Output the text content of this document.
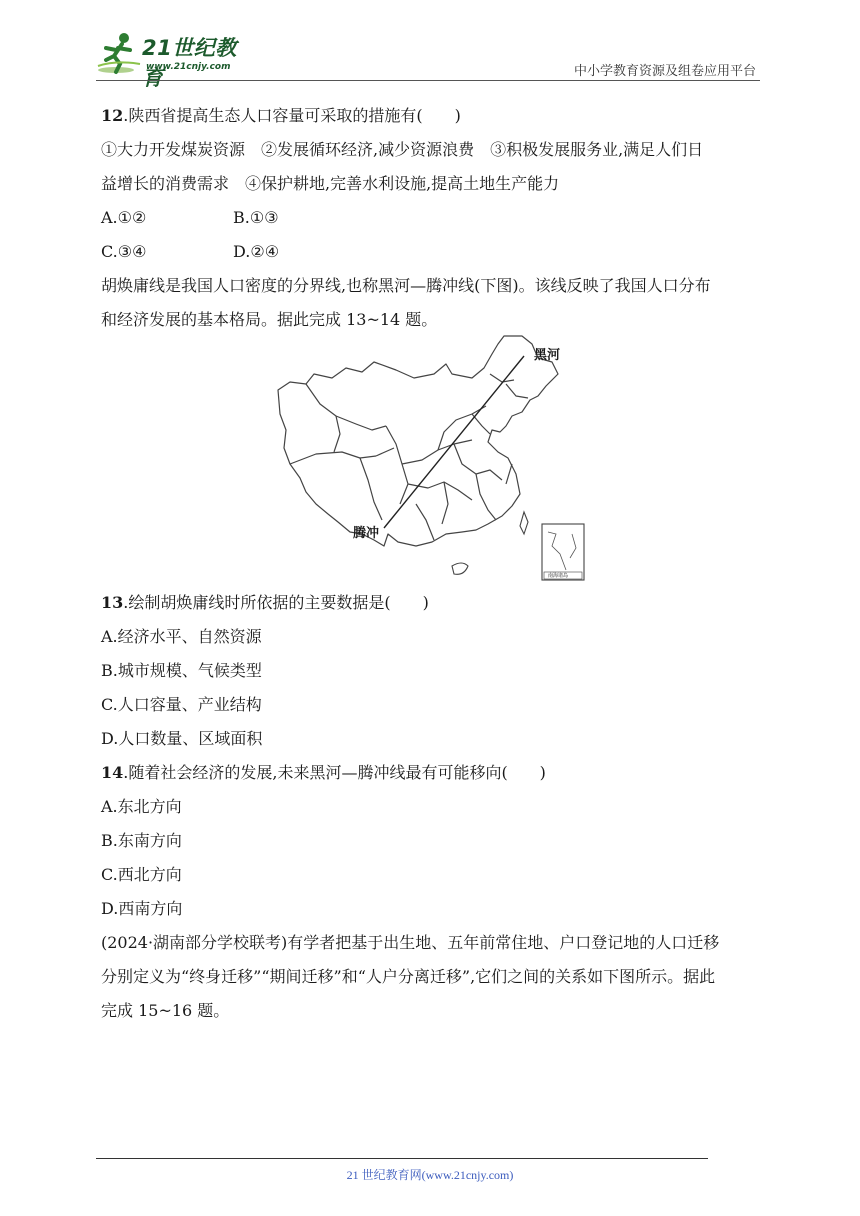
21世纪教育
www.21cnjy.com	中小学教育资源及组卷应用平台
12.陕西省提高生态人口容量可采取的措施有(　　)
①大力开发煤炭资源　②发展循环经济,减少资源浪费　③积极发展服务业,满足人们日
益增长的消费需求　④保护耕地,完善水利设施,提高土地生产能力
A.①②	B.①③
C.③④	D.②④
胡焕庸线是我国人口密度的分界线,也称黑河—腾冲线(下图)。该线反映了我国人口分布
和经济发展的基本格局。据此完成 13~14 题。
黑河
腾冲
南海诸岛
13.绘制胡焕庸线时所依据的主要数据是(　　)
A.经济水平、自然资源
B.城市规模、气候类型
C.人口容量、产业结构
D.人口数量、区域面积
14.随着社会经济的发展,未来黑河—腾冲线最有可能移向(　　)
A.东北方向
B.东南方向
C.西北方向
D.西南方向
(2024·湖南部分学校联考)有学者把基于出生地、五年前常住地、户口登记地的人口迁移
分别定义为“终身迁移”“期间迁移”和“人户分离迁移”,它们之间的关系如下图所示。据此
完成 15~16 题。
21 世纪教育网(www.21cnjy.com)
